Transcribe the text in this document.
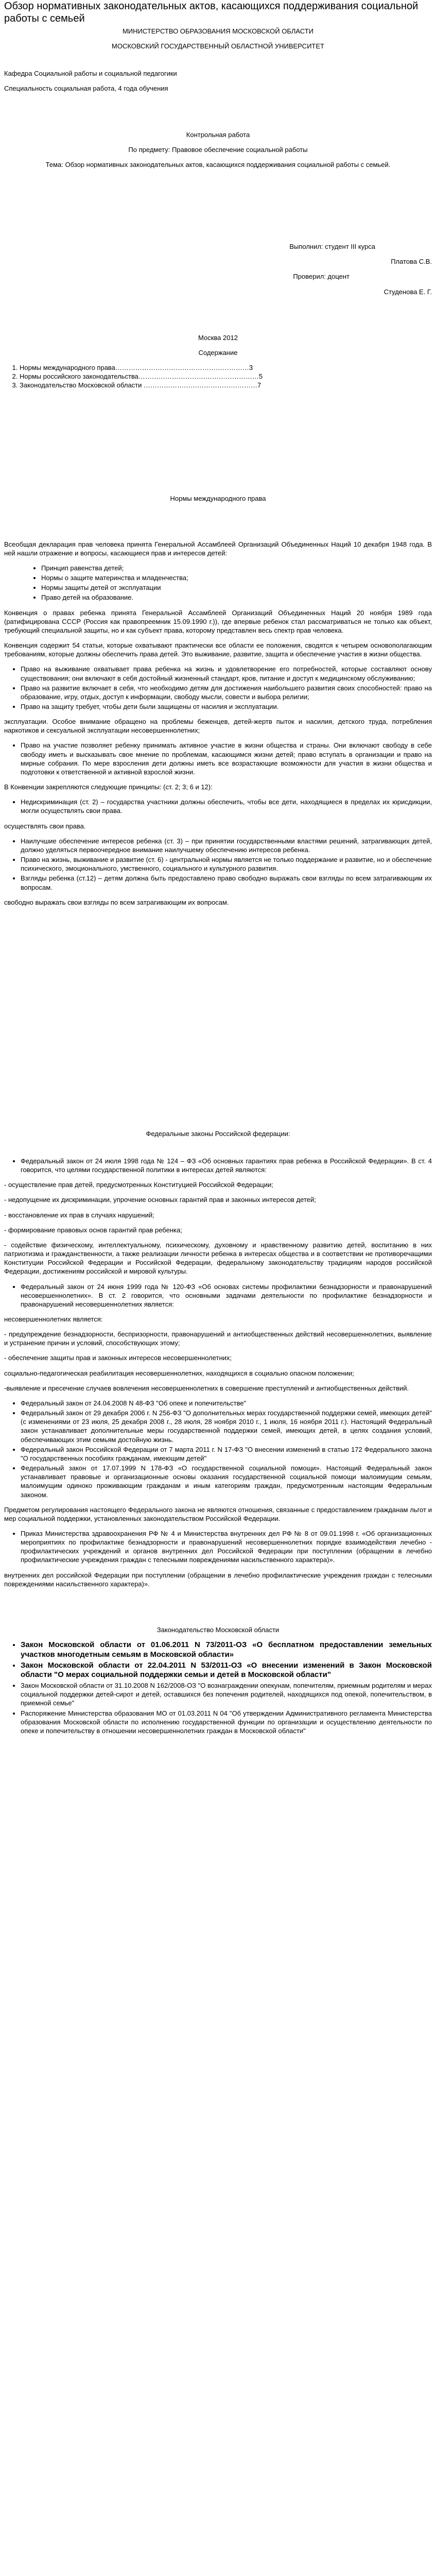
Обзор нормативных законодательных актов, касающихся поддерживания социальной работы с семьей

МИНИСТЕРСТВО ОБРАЗОВАНИЯ МОСКОВСКОЙ ОБЛАСТИ

МОСКОВСКИЙ ГОСУДАРСТВЕННЫЙ ОБЛАСТНОЙ УНИВЕРСИТЕТ

Кафедра Социальной работы и социальной педагогики

Специальность социальная работа, 4 года обучения

Контрольная работа

По предмету: Правовое обеспечение социальной работы

Тема: Обзор нормативных законодательных актов, касающихся поддерживания социальной работы с семьей.

Выполнил: студент III курса

Платова С.В.

Проверил: доцент

Студенова Е. Г.

Москва 2012

Содержание

1. Нормы международного права……………………………………………………3
2. Нормы российского законодательства………………………………………………5
3. Законодательство Московской области ……………………………………………7

Нормы международного права

Всеобщая декларация прав человека принята Генеральной Ассамблеей Организаций Объединенных Наций 10 декабря 1948 года. В ней нашли отражение и вопросы, касающиеся прав и интересов детей:

• Принцип равенства детей;
• Нормы о защите материнства и младенчества;
• Нормы защиты детей от эксплуатации
• Право детей на образование.

Конвенция о правах ребенка принята Генеральной Ассамблеей Организаций Объединенных Наций 20 ноября 1989 года (ратифицирована СССР (Россия как правопреемник 15.09.1990 г.)), где впервые ребенок стал рассматриваться не только как объект, требующий специальной защиты, но и как субъект права, которому представлен весь спектр прав человека.

Конвенция содержит 54 статьи, которые охватывают практически все области ее положения, сводятся к четырем основополагающим требованиям, которые должны обеспечить права детей. Это выживание, развитие, защита и обеспечение участия в жизни общества.

• Право на выживание охватывает права ребенка на жизнь и удовлетворение его потребностей, которые составляют основу существования; они включают в себя достойный жизненный стандарт, кров, питание и доступ к медицинскому обслуживанию;
• Право на развитие включает в себя, что необходимо детям для достижения наибольшего развития своих способностей: право на образование, игру, отдых, доступ к информации, свободу мысли, совести и выбора религии;
• Право на защиту требует, чтобы дети были защищены от насилия и эксплуатации.

эксплуатации. Особое внимание обращено на проблемы беженцев, детей-жертв пыток и насилия, детского труда, потребления наркотиков и сексуальной эксплуатации несовершеннолетних;

• Право на участие позволяет ребенку принимать активное участие в жизни общества и страны. Они включают свободу в себе свободу иметь и высказывать свое мнение по проблемам, касающимся жизни детей; право вступать в организации и право на мирные собрания. По мере взросления дети должны иметь все возрастающие возможности для участия в жизни общества и подготовки к ответственной и активной взрослой жизни.

В Конвенции закрепляются следующие принципы: (ст. 2; 3; 6 и 12):

• Недискриминация (ст. 2) – государства участники должны обеспечить, чтобы все дети, находящиеся в пределах их юрисдикции, могли осуществлять свои права.

осуществлять свои права.

• Наилучшие обеспечение интересов ребенка (ст. 3) – при принятии государственными властями решений, затрагивающих детей, должно уделяться первоочередное внимание наилучшему обеспечению интересов ребенка.
• Право на жизнь, выживание и развитие (ст. 6) - центральной нормы является не только поддержание и развитие, но и обеспечение психического, эмоционального, умственного, социального и культурного развития.
• Взгляды ребенка (ст.12) – детям должна быть предоставлено право свободно выражать свои взгляды по всем затрагивающим их вопросам.

свободно выражать свои взгляды по всем затрагивающим их вопросам.

Федеральные законы Российской федерации:

• Федеральный закон от 24 июля 1998 года № 124 – ФЗ «Об основных гарантиях прав ребенка в Российской Федерации». В ст. 4 говорится, что целями государственной политики в интересах детей являются:

- осуществление прав детей, предусмотренных Конституцией Российской Федерации;

- недопущение их дискриминации, упрочение основных гарантий прав и законных интересов детей;

- восстановление их прав в случаях нарушений;

- формирование правовых основ гарантий прав ребенка;

- содействие физическому, интеллектуальному, психическому, духовному и нравственному развитию детей, воспитанию в них патриотизма и гражданственности, а также реализации личности ребенка в интересах общества и в соответствии не противоречащими Конституции Российской Федерации и Российской Федерации, федеральному законодательству традициям народов российской Федерации, достижениям российской и мировой культуры.

• Федеральный закон от 24 июня 1999 года № 120-ФЗ «Об основах системы профилактики безнадзорности и правонарушений несовершеннолетних». В ст. 2 говорится, что основными задачами деятельности по профилактике безнадзорности и правонарушений несовершеннолетних является:

несовершеннолетних является:

- предупреждение безнадзорности, беспризорности, правонарушений и антиобщественных действий несовершеннолетних, выявление и устранение причин и условий, способствующих этому;

- обеспечение защиты прав и законных интересов несовершеннолетних;

социально-педагогическая реабилитация несовершеннолетних, находящихся в социально опасном положении;

-выявление и пресечение случаев вовлечения несовершеннолетних в совершение преступлений и антиобщественных действий.

• Федеральный закон от 24.04.2008 N 48-ФЗ "Об опеке и попечительстве"
• Федеральный закон от 29 декабря 2006 г. N 256-ФЗ "О дополнительных мерах государственной поддержки семей, имеющих детей" (с изменениями от 23 июля, 25 декабря 2008 г., 28 июля, 28 ноября 2010 г., 1 июля, 16 ноября 2011 г.). Настоящий Федеральный закон устанавливает дополнительные меры государственной поддержки семей, имеющих детей, в целях создания условий, обеспечивающих этим семьям достойную жизнь.
• Федеральный закон Российской Федерации от 7 марта 2011 г. N 17-ФЗ "О внесении изменений в статью 172 Федерального закона "О государственных пособиях гражданам, имеющим детей"
• Федеральный закон от 17.07.1999 N 178-ФЗ «О государственной социальной помощи». Настоящий Федеральный закон устанавливает правовые и организационные основы оказания государственной социальной помощи малоимущим семьям, малоимущим одиноко проживающим гражданам и иным категориям граждан, предусмотренным настоящим Федеральным законом.

Предметом регулирования настоящего Федерального закона не являются отношения, связанные с предоставлением гражданам льгот и мер социальной поддержки, установленных законодательством Российской Федерации.

• Приказ Министерства здравоохранения РФ № 4 и Министерства внутренних дел РФ № 8 от 09.01.1998 г. «Об организационных мероприятиях по профилактике безнадзорности и правонарушений несовершеннолетних порядке взаимодействия лечебно - профилактических учреждений и органов внутренних дел Российской Федерации при поступлении (обращении в лечебно профилактические учреждения граждан с телесными повреждениями насильственного характера)».

внутренних дел российской Федерации при поступлении (обращении в лечебно профилактические учреждения граждан с телесными повреждениями насильственного характера)».

Законодательство Московской области

• Закон Московской области от 01.06.2011 N 73/2011-ОЗ «О бесплатном предоставлении земельных участков многодетным семьям в Московской области»
• Закон Московской области от 22.04.2011 N 53/2011-ОЗ «О внесении изменений в Закон Московской области "О мерах социальной поддержки семьи и детей в Московской области"
• Закон Московской области от 31.10.2008 N 162/2008-ОЗ "О вознаграждении опекунам, попечителям, приемным родителям и мерах социальной поддержки детей-сирот и детей, оставшихся без попечения родителей, находящихся под опекой, попечительством, в приемной семье"
• Распоряжение Министерства образования МО от 01.03.2011 N 04 "Об утверждении Административного регламента Министерства образования Московской области по исполнению государственной функции по организации и осуществлению деятельности по опеке и попечительству в отношении несовершеннолетних граждан в Московской области"
